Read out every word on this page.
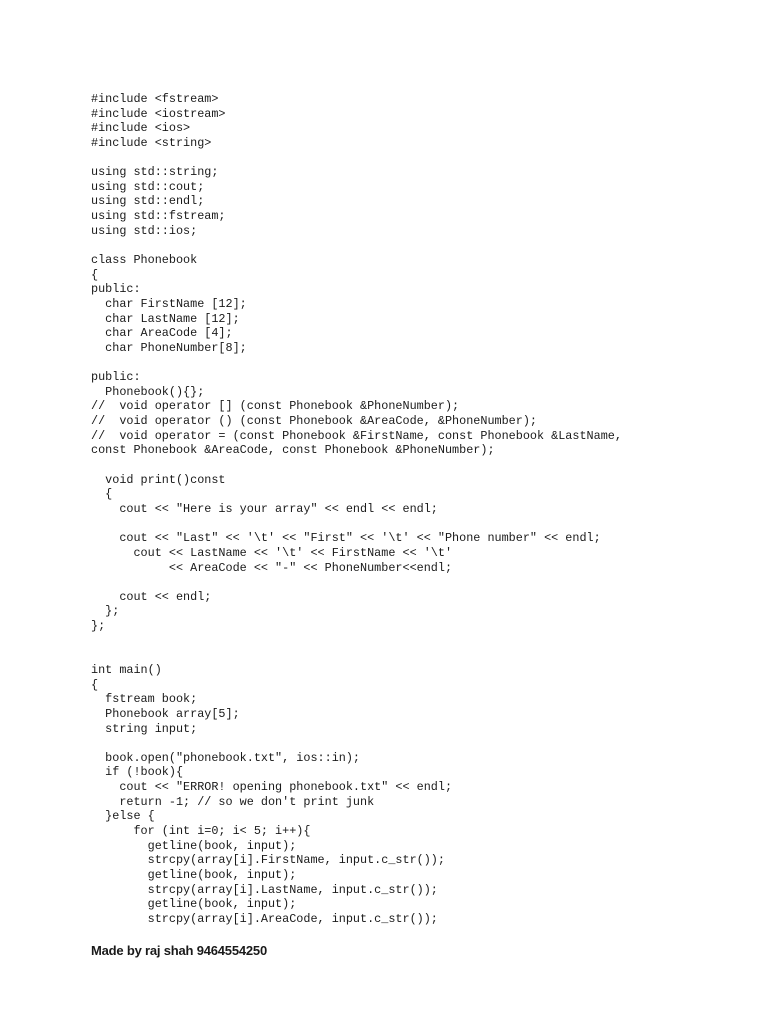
#include <fstream>
#include <iostream>
#include <ios>
#include <string>

using std::string;
using std::cout;
using std::endl;
using std::fstream;
using std::ios;

class Phonebook
{
public:
char FirstName [12];
char LastName [12];
char AreaCode [4];
char PhoneNumber[8];

public:
Phonebook(){};
//  void operator [] (const Phonebook &PhoneNumber);
//  void operator () (const Phonebook &AreaCode, &PhoneNumber);
//  void operator = (const Phonebook &FirstName, const Phonebook &LastName,
const Phonebook &AreaCode, const Phonebook &PhoneNumber);

void print()const
{
cout << "Here is your array" << endl << endl;

cout << "Last" << '\t' << "First" << '\t' << "Phone number" << endl;
cout << LastName << '\t' << FirstName << '\t'
<< AreaCode << "-" << PhoneNumber<<endl;

cout << endl;
};
};

int main()
{
fstream book;
Phonebook array[5];
string input;

book.open("phonebook.txt", ios::in);
if (!book){
cout << "ERROR! opening phonebook.txt" << endl;
return -1; // so we don't print junk
}else {
for (int i=0; i< 5; i++){
getline(book, input);
strcpy(array[i].FirstName, input.c_str());
getline(book, input);
strcpy(array[i].LastName, input.c_str());
getline(book, input);
strcpy(array[i].AreaCode, input.c_str());
Made by raj shah 9464554250
